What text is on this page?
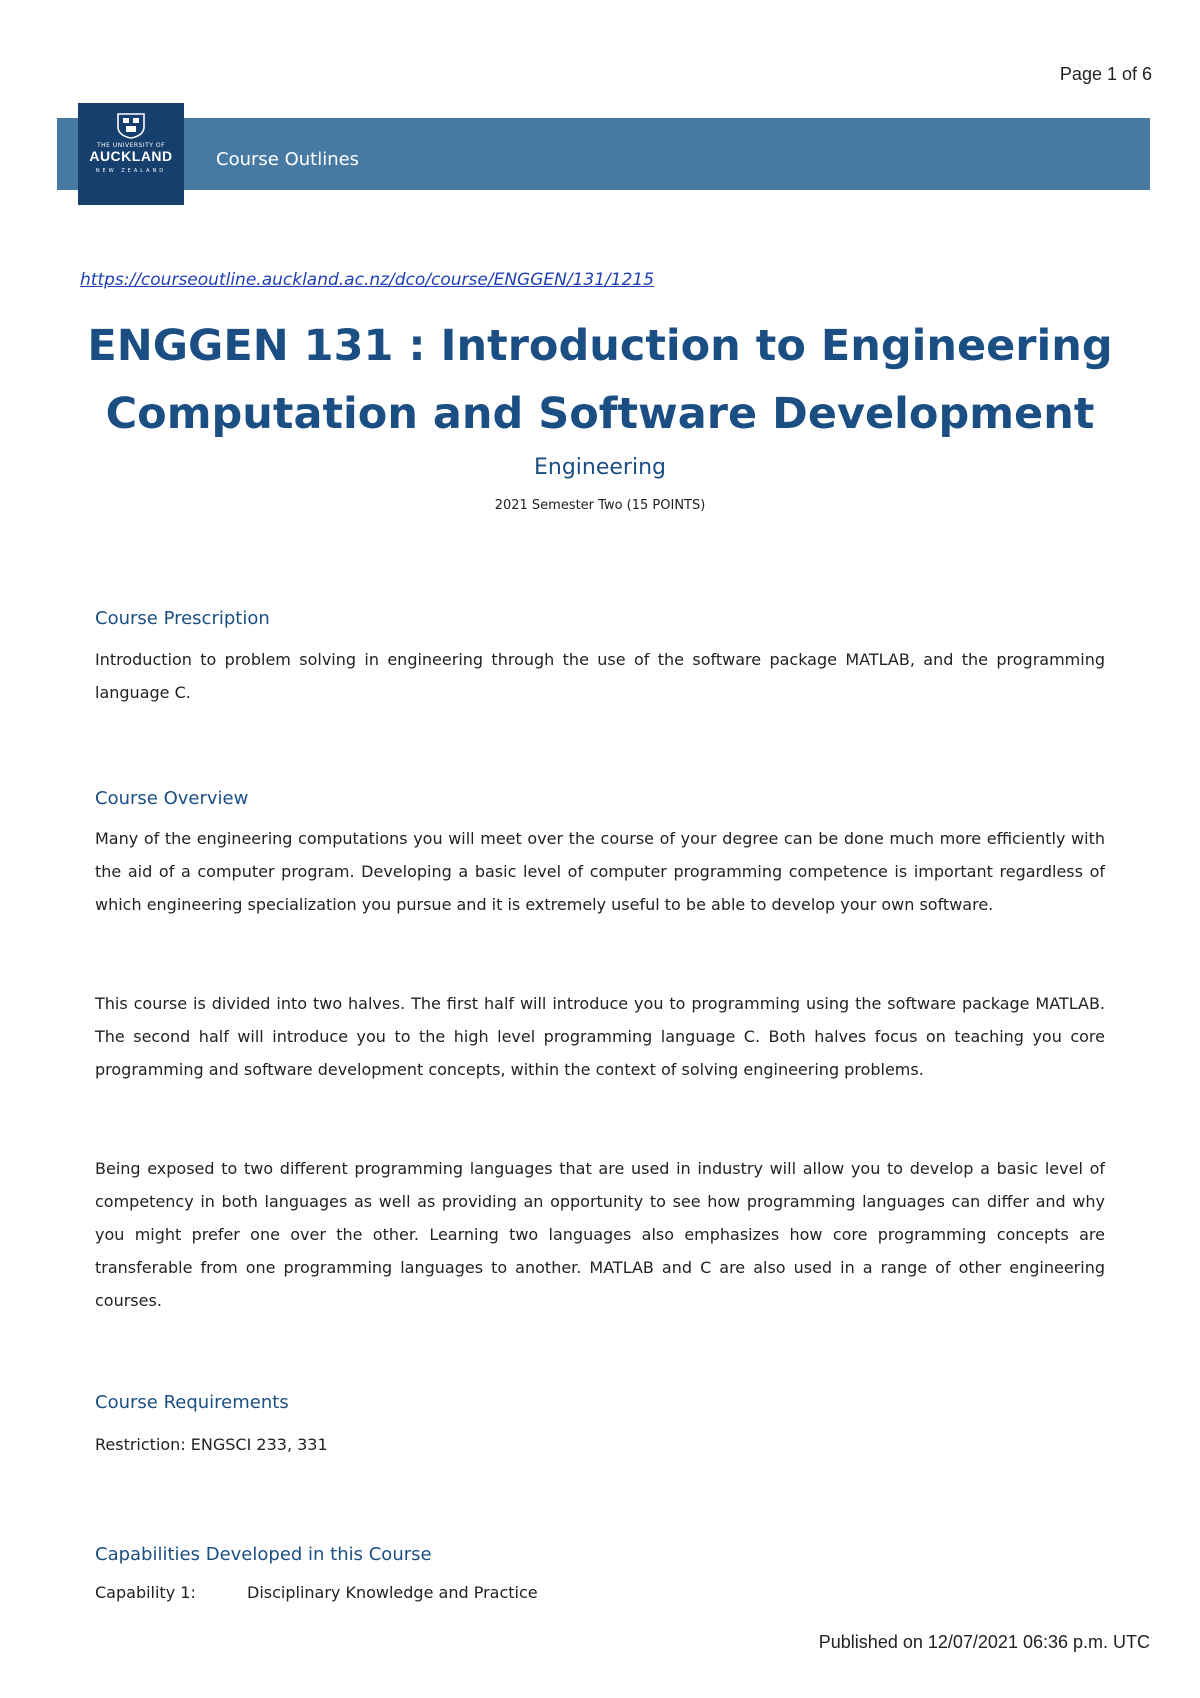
Page 1 of 6
THE UNIVERSITY OF
AUCKLAND
NEW ZEALAND
Course Outlines
https://courseoutline.auckland.ac.nz/dco/course/ENGGEN/131/1215
ENGGEN 131 : Introduction to Engineering Computation and Software Development
Engineering
2021 Semester Two (15 POINTS)
Course Prescription

Introduction to problem solving in engineering through the use of the software package MATLAB, and the programming language C.

Course Overview

Many of the engineering computations you will meet over the course of your degree can be done much more efficiently with the aid of a computer program. Developing a basic level of computer programming competence is important regardless of which engineering specialization you pursue and it is extremely useful to be able to develop your own software.

This course is divided into two halves. The first half will introduce you to programming using the software package MATLAB. The second half will introduce you to the high level programming language C. Both halves focus on teaching you core programming and software development concepts, within the context of solving engineering problems.

Being exposed to two different programming languages that are used in industry will allow you to develop a basic level of competency in both languages as well as providing an opportunity to see how programming languages can differ and why you might prefer one over the other. Learning two languages also emphasizes how core programming concepts are transferable from one programming languages to another. MATLAB and C are also used in a range of other engineering courses.

Course Requirements

Restriction: ENGSCI 233, 331

Capabilities Developed in this Course
Capability 1:	Disciplinary Knowledge and Practice
Published on 12/07/2021 06:36 p.m. UTC
